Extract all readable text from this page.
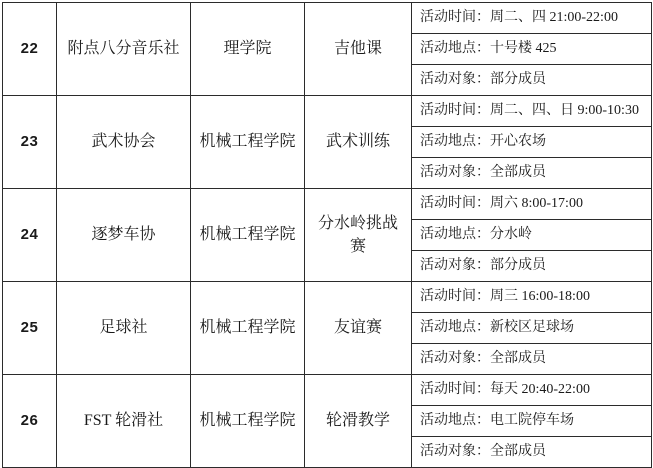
22	附点八分音乐社	理学院	吉他课	活动时间：周二、四 21:00-22:00
				活动地点：十号楼 425
				活动对象：部分成员
23	武术协会	机械工程学院	武术训练	活动时间：周二、四、日 9:00-10:30
				活动地点：开心农场
				活动对象：全部成员
24	逐梦车协	机械工程学院	分水岭挑战赛	活动时间：周六 8:00-17:00
				活动地点：分水岭
				活动对象：部分成员
25	足球社	机械工程学院	友谊赛	活动时间：周三 16:00-18:00
				活动地点：新校区足球场
				活动对象：全部成员
26	FST 轮滑社	机械工程学院	轮滑教学	活动时间：每天 20:40-22:00
				活动地点：电工院停车场
				活动对象：全部成员
